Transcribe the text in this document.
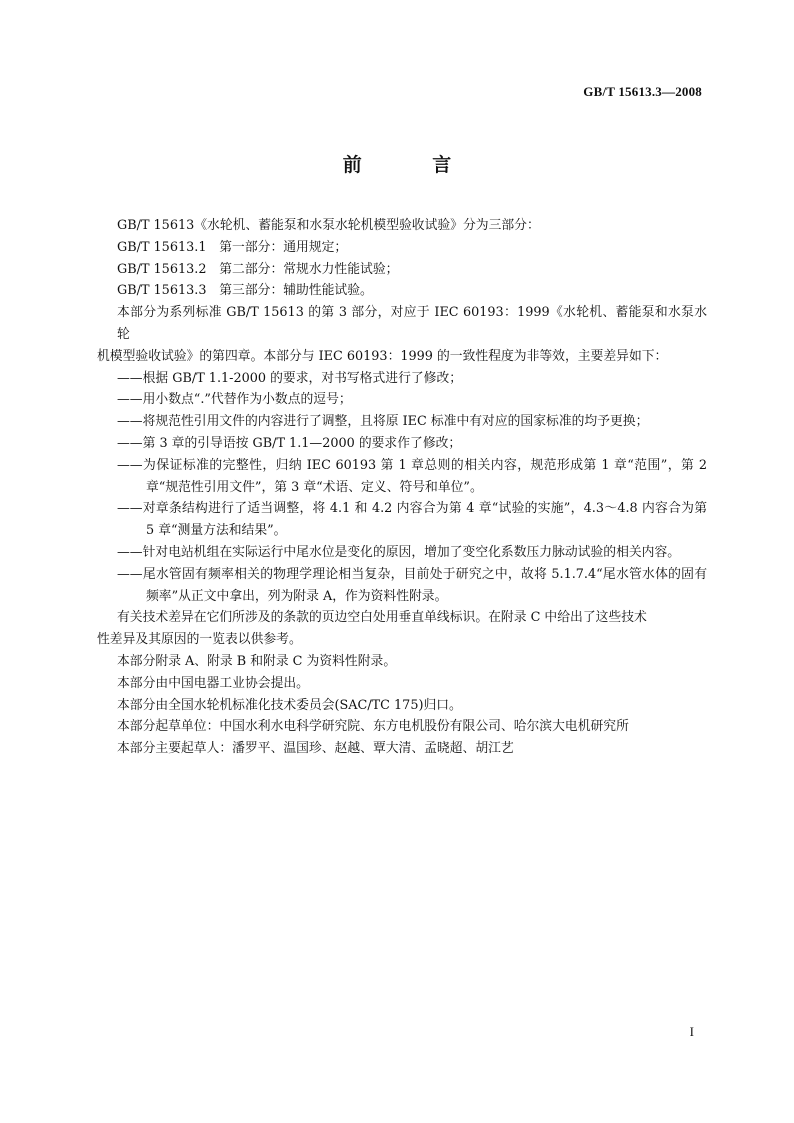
GB/T 15613.3—2008
前 言

GB/T 15613《水轮机、蓄能泵和水泵水轮机模型验收试验》分为三部分：

GB/T 15613.1　第一部分：通用规定；

GB/T 15613.2　第二部分：常规水力性能试验；

GB/T 15613.3　第三部分：辅助性能试验。

本部分为系列标准 GB/T 15613 的第 3 部分，对应于 IEC 60193：1999《水轮机、蓄能泵和水泵水轮

机模型验收试验》的第四章。本部分与 IEC 60193：1999 的一致性程度为非等效，主要差异如下：

——根据 GB/T 1.1-2000 的要求，对书写格式进行了修改；
——用小数点“.”代替作为小数点的逗号；
——将规范性引用文件的内容进行了调整，且将原 IEC 标准中有对应的国家标准的均予更换；
——第 3 章的引导语按 GB/T 1.1—2000 的要求作了修改；
——为保证标准的完整性，归纳 IEC 60193 第 1 章总则的相关内容，规范形成第 1 章“范围”，第 2 章“规范性引用文件”，第 3 章“术语、定义、符号和单位”。
——对章条结构进行了适当调整，将 4.1 和 4.2 内容合为第 4 章“试验的实施”，4.3～4.8 内容合为第 5 章“测量方法和结果”。
——针对电站机组在实际运行中尾水位是变化的原因，增加了变空化系数压力脉动试验的相关内容。
——尾水管固有频率相关的物理学理论相当复杂，目前处于研究之中，故将 5.1.7.4“尾水管水体的固有频率”从正文中拿出，列为附录 A，作为资料性附录。

有关技术差异在它们所涉及的条款的页边空白处用垂直单线标识。在附录 C 中给出了这些技术

性差异及其原因的一览表以供参考。

本部分附录 A、附录 B 和附录 C 为资料性附录。

本部分由中国电器工业协会提出。

本部分由全国水轮机标准化技术委员会(SAC/TC 175)归口。

本部分起草单位：中国水利水电科学研究院、东方电机股份有限公司、哈尔滨大电机研究所

本部分主要起草人：潘罗平、温国珍、赵越、覃大清、孟晓超、胡江艺

I
